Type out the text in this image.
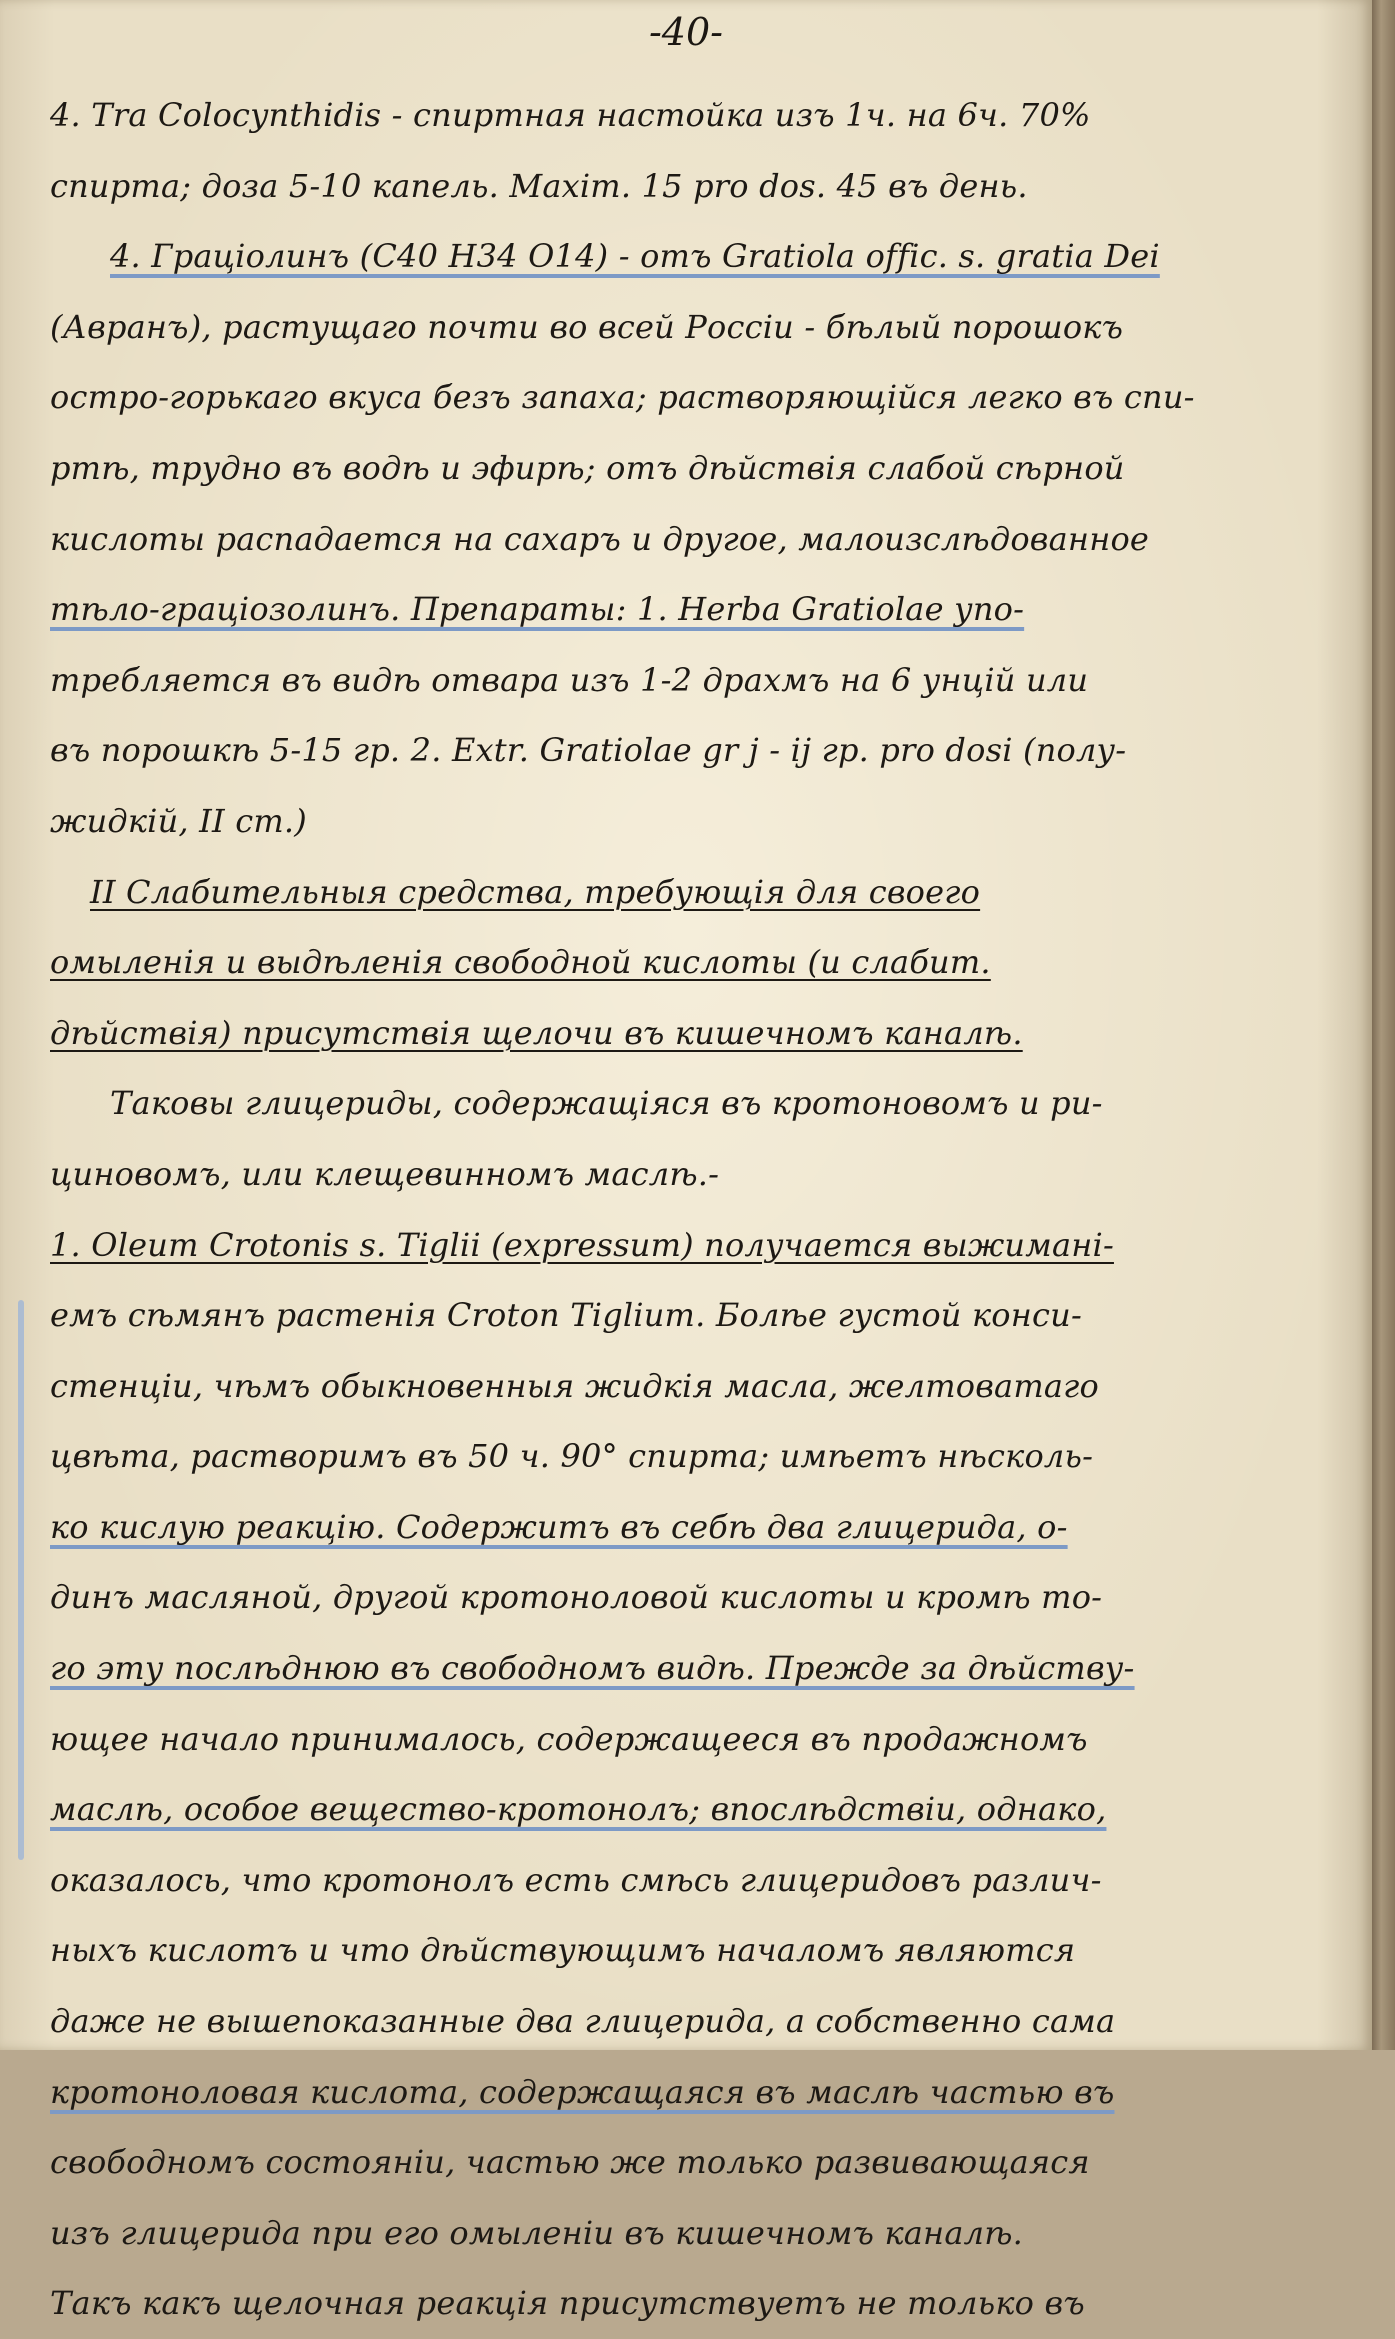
-40-
4. Tra Colocynthidis - спиртная настойка изъ 1ч. на 6ч. 70%
спирта; доза 5-10 капель. Maxim. 15 pro dos. 45 въ день.
4. Граціолинъ (C40 H34 O14) - отъ Gratiola offic. s. gratia Dei
(Авранъ), растущаго почти во всей Россіи - бѣлый порошокъ
остро-горькаго вкуса безъ запаха; растворяющійся легко въ спи-
ртѣ, трудно въ водѣ и эфирѣ; отъ дѣйствія слабой сѣрной
кислоты распадается на сахаръ и другое, малоизслѣдованное
тѣло-граціозолинъ. Препараты: 1. Herba Gratiolae упо-
требляется въ видѣ отвара изъ 1-2 драхмъ на 6 унцій или
въ порошкѣ 5-15 гр. 2. Extr. Gratiolae gr j - ij гр. pro dosi (полу-
жидкій, II ст.)
II Слабительныя средства, требующія для своего
омыленія и выдѣленія свободной кислоты (и слабит.
дѣйствія) присутствія щелочи въ кишечномъ каналѣ.
Таковы глицериды, содержащіяся въ кротоновомъ и ри-
циновомъ, или клещевинномъ маслѣ.-
1. Oleum Crotonis s. Tiglii (expressum) получается выжимані-
емъ сѣмянъ растенія Croton Tiglium. Болѣе густой конси-
стенціи, чѣмъ обыкновенныя жидкія масла, желтоватаго
цвѣта, растворимъ въ 50 ч. 90° спирта; имѣетъ нѣсколь-
ко кислую реакцію. Содержитъ въ себѣ два глицерида, о-
динъ масляной, другой кротоноловой кислоты и кромѣ то-
го эту послѣднюю въ свободномъ видѣ. Прежде за дѣйству-
ющее начало принималось, содержащееся въ продажномъ
маслѣ, особое вещество-кротонолъ; впослѣдствіи, однако,
оказалось, что кротонолъ есть смѣсь глицеридовъ различ-
ныхъ кислотъ и что дѣйствующимъ началомъ являются
даже не вышепоказанные два глицерида, а собственно сама
кротоноловая кислота, содержащаяся въ маслѣ частью въ
свободномъ состояніи, частью же только развивающаяся
изъ глицерида при его омыленіи въ кишечномъ каналѣ.
Такъ какъ щелочная реакція присутствуетъ не только въ
